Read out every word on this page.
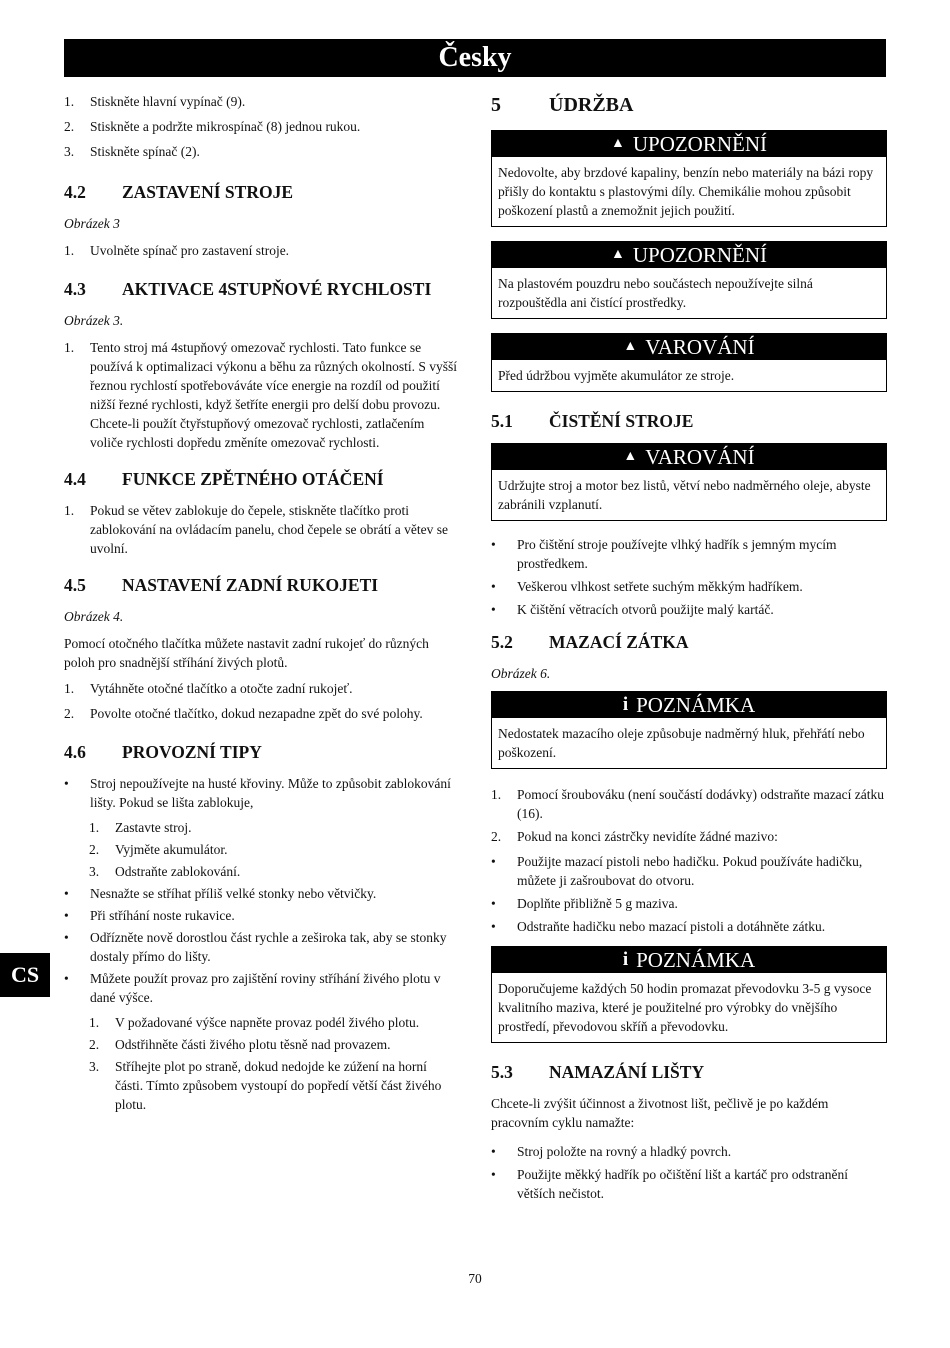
Česky
CS
1. Stiskněte hlavní vypínač (9).
2. Stiskněte a podržte mikrospínač (8) jednou rukou.
3. Stiskněte spínač (2).
4.2	ZASTAVENÍ STROJE
Obrázek 3
1. Uvolněte spínač pro zastavení stroje.
4.3	AKTIVACE 4STUPŇOVÉ RYCHLOSTI
Obrázek 3.
1. Tento stroj má 4stupňový omezovač rychlosti. Tato funkce se používá k optimalizaci výkonu a běhu za různých okolností. S vyšší řeznou rychlostí spotřebováváte více energie na rozdíl od použití nižší řezné rychlosti, když šetříte energii pro delší dobu provozu. Chcete-li použít čtyřstupňový omezovač rychlosti, zatlačením voliče rychlosti dopředu změníte omezovač rychlosti.
4.4	FUNKCE ZPĚTNÉHO OTÁČENÍ
1. Pokud se větev zablokuje do čepele, stiskněte tlačítko proti zablokování na ovládacím panelu, chod čepele se obrátí a větev se uvolní.
4.5	NASTAVENÍ ZADNÍ RUKOJETI
Obrázek 4.

Pomocí otočného tlačítka můžete nastavit zadní rukojeť do různých poloh pro snadnější stříhání živých plotů.

1. Vytáhněte otočné tlačítko a otočte zadní rukojeť.
2. Povolte otočné tlačítko, dokud nezapadne zpět do své polohy.
4.6	PROVOZNÍ TIPY
• Stroj nepoužívejte na husté křoviny. Může to způsobit zablokování lišty. Pokud se lišta zablokuje,
1. Zastavte stroj.
2. Vyjměte akumulátor.
3. Odstraňte zablokování.
• Nesnažte se stříhat příliš velké stonky nebo větvičky.
• Při stříhání noste rukavice.
• Odřízněte nově dorostlou část rychle a zeširoka tak, aby se stonky dostaly přímo do lišty.
• Můžete použít provaz pro zajištění roviny stříhání živého plotu v dané výšce.
1. V požadované výšce napněte provaz podél živého plotu.
2. Odstřihněte části živého plotu těsně nad provazem.
3. Stříhejte plot po straně, dokud nedojde ke zúžení na horní části. Tímto způsobem vystoupí do popředí větší část živého plotu.
5	ÚDRŽBA
▲ UPOZORNĚNÍ
Nedovolte, aby brzdové kapaliny, benzín nebo materiály na bázi ropy přišly do kontaktu s plastovými díly. Chemikálie mohou způsobit poškození plastů a znemožnit jejich použití.
▲ UPOZORNĚNÍ
Na plastovém pouzdru nebo součástech nepoužívejte silná rozpouštědla ani čistící prostředky.
▲ VAROVÁNÍ
Před údržbou vyjměte akumulátor ze stroje.
5.1	ČISTĚNÍ STROJE
▲ VAROVÁNÍ
Udržujte stroj a motor bez listů, větví nebo nadměrného oleje, abyste zabránili vzplanutí.
• Pro čištění stroje používejte vlhký hadřík s jemným mycím prostředkem.
• Veškerou vlhkost setřete suchým měkkým hadříkem.
• K čištění větracích otvorů použijte malý kartáč.
5.2	MAZACÍ ZÁTKA
Obrázek 6.
i POZNÁMKA
Nedostatek mazacího oleje způsobuje nadměrný hluk, přehřátí nebo poškození.
1. Pomocí šroubováku (není součástí dodávky) odstraňte mazací zátku (16).
2. Pokud na konci zástrčky nevidíte žádné mazivo:
• Použijte mazací pistoli nebo hadičku. Pokud používáte hadičku, můžete ji zašroubovat do otvoru.
• Doplňte přibližně 5 g maziva.
• Odstraňte hadičku nebo mazací pistoli a dotáhněte zátku.
i POZNÁMKA
Doporučujeme každých 50 hodin promazat převodovku 3-5 g vysoce kvalitního maziva, které je použitelné pro výrobky do vnějšího prostředí, převodovou skříň a převodovku.
5.3	NAMAZÁNÍ LIŠTY

Chcete-li zvýšit účinnost a životnost lišt, pečlivě je po každém pracovním cyklu namažte:

• Stroj položte na rovný a hladký povrch.
• Použijte měkký hadřík po očištění lišt a kartáč pro odstranění větších nečistot.
70
